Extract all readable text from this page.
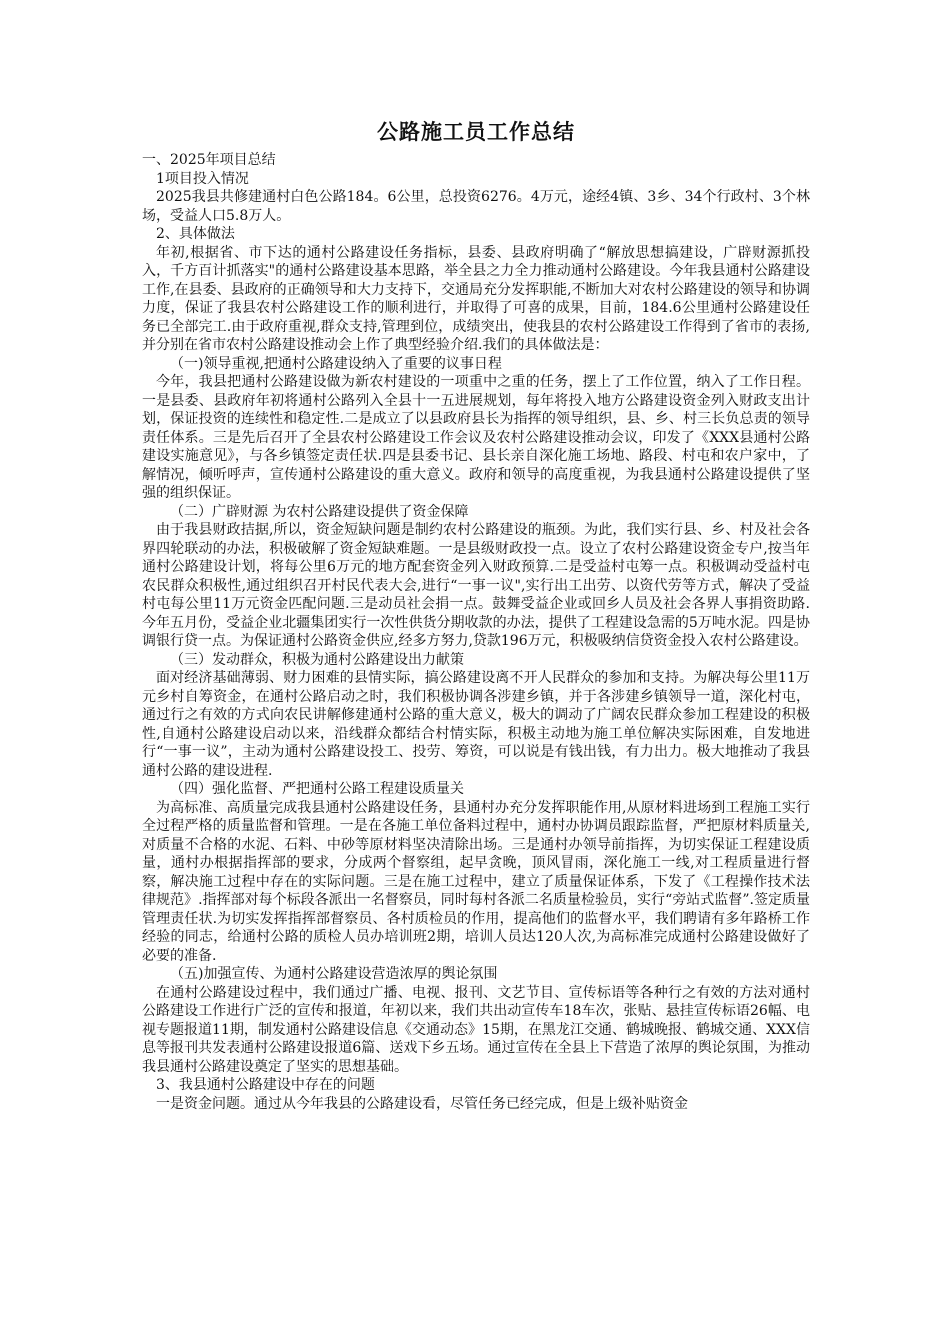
公路施工员工作总结
一、2025年项目总结
1项目投入情况
2025我县共修建通村白色公路184。6公里，总投资6276。4万元，途经4镇、3乡、34个行政村、3个林场，受益人口5.8万人。
2、具体做法
年初,根据省、市下达的通村公路建设任务指标，县委、县政府明确了“解放思想搞建设，广辟财源抓投入，千方百计抓落实"的通村公路建设基本思路，举全县之力全力推动通村公路建设。今年我县通村公路建设工作,在县委、县政府的正确领导和大力支持下，交通局充分发挥职能,不断加大对农村公路建设的领导和协调力度，保证了我县农村公路建设工作的顺利进行，并取得了可喜的成果，目前，184.6公里通村公路建设任务已全部完工.由于政府重视,群众支持,管理到位，成绩突出，使我县的农村公路建设工作得到了省市的表扬,并分别在省市农村公路建设推动会上作了典型经验介绍.我们的具体做法是：
（一)领导重视,把通村公路建设纳入了重要的议事日程
今年，我县把通村公路建设做为新农村建设的一项重中之重的任务，摆上了工作位置，纳入了工作日程。一是县委、县政府年初将通村公路列入全县十一五进展规划，每年将投入地方公路建设资金列入财政支出计划，保证投资的连续性和稳定性.二是成立了以县政府县长为指挥的领导组织，县、乡、村三长负总责的领导责任体系。三是先后召开了全县农村公路建设工作会议及农村公路建设推动会议，印发了《XXX县通村公路建设实施意见》，与各乡镇签定责任状.四是县委书记、县长亲自深化施工场地、路段、村屯和农户家中，了解情况，倾听呼声，宣传通村公路建设的重大意义。政府和领导的高度重视，为我县通村公路建设提供了坚强的组织保证。
（二）广辟财源 为农村公路建设提供了资金保障
由于我县财政拮据,所以，资金短缺问题是制约农村公路建设的瓶颈。为此，我们实行县、乡、村及社会各界四轮联动的办法，积极破解了资金短缺难题。一是县级财政投一点。设立了农村公路建设资金专户,按当年通村公路建设计划，将每公里6万元的地方配套资金列入财政预算.二是受益村屯筹一点。积极调动受益村屯农民群众积极性,通过组织召开村民代表大会,进行“一事一议",实行出工出劳、以资代劳等方式，解决了受益村屯每公里11万元资金匹配问题.三是动员社会捐一点。鼓舞受益企业或回乡人员及社会各界人事捐资助路.今年五月份，受益企业北疆集团实行一次性供货分期收款的办法，提供了工程建设急需的5万吨水泥。四是协调银行贷一点。为保证通村公路资金供应,经多方努力,贷款196万元，积极吸纳信贷资金投入农村公路建设。
（三）发动群众，积极为通村公路建设出力献策
面对经济基础薄弱、财力困难的县情实际，搞公路建设离不开人民群众的参加和支持。为解决每公里11万元乡村自筹资金，在通村公路启动之时，我们积极协调各涉建乡镇，并于各涉建乡镇领导一道，深化村屯，通过行之有效的方式向农民讲解修建通村公路的重大意义，极大的调动了广阔农民群众参加工程建设的积极性,自通村公路建设启动以来，沿线群众都结合村情实际，积极主动地为施工单位解决实际困难，自发地进行“一事一议”，主动为通村公路建设投工、投劳、筹资，可以说是有钱出钱，有力出力。极大地推动了我县通村公路的建设进程.
（四）强化监督、严把通村公路工程建设质量关
为高标准、高质量完成我县通村公路建设任务，县通村办充分发挥职能作用,从原材料进场到工程施工实行全过程严格的质量监督和管理。一是在各施工单位备料过程中，通村办协调员跟踪监督，严把原材料质量关,对质量不合格的水泥、石料、中砂等原材料坚决清除出场。三是通村办领导前指挥，为切实保证工程建设质量，通村办根据指挥部的要求，分成两个督察组，起早贪晚，顶风冒雨，深化施工一线,对工程质量进行督察，解决施工过程中存在的实际问题。三是在施工过程中，建立了质量保证体系，下发了《工程操作技术法律规范》.指挥部对每个标段各派出一名督察员，同时每村各派二名质量检验员，实行“旁站式监督”.签定质量管理责任状.为切实发挥指挥部督察员、各村质检员的作用，提高他们的监督水平，我们聘请有多年路桥工作经验的同志，给通村公路的质检人员办培训班2期，培训人员达120人次,为高标准完成通村公路建设做好了必要的准备.
（五)加强宣传、为通村公路建设营造浓厚的舆论氛围
在通村公路建设过程中，我们通过广播、电视、报刊、文艺节目、宣传标语等各种行之有效的方法对通村公路建设工作进行广泛的宣传和报道，年初以来，我们共出动宣传车18车次，张贴、悬挂宣传标语26幅、电视专题报道11期，制发通村公路建设信息《交通动态》15期，在黑龙江交通、鹤城晚报、鹤城交通、XXX信息等报刊共发表通村公路建设报道6篇、送戏下乡五场。通过宣传在全县上下营造了浓厚的舆论氛围，为推动我县通村公路建设奠定了坚实的思想基础。
3、我县通村公路建设中存在的问题
一是资金问题。通过从今年我县的公路建设看，尽管任务已经完成，但是上级补贴资金
